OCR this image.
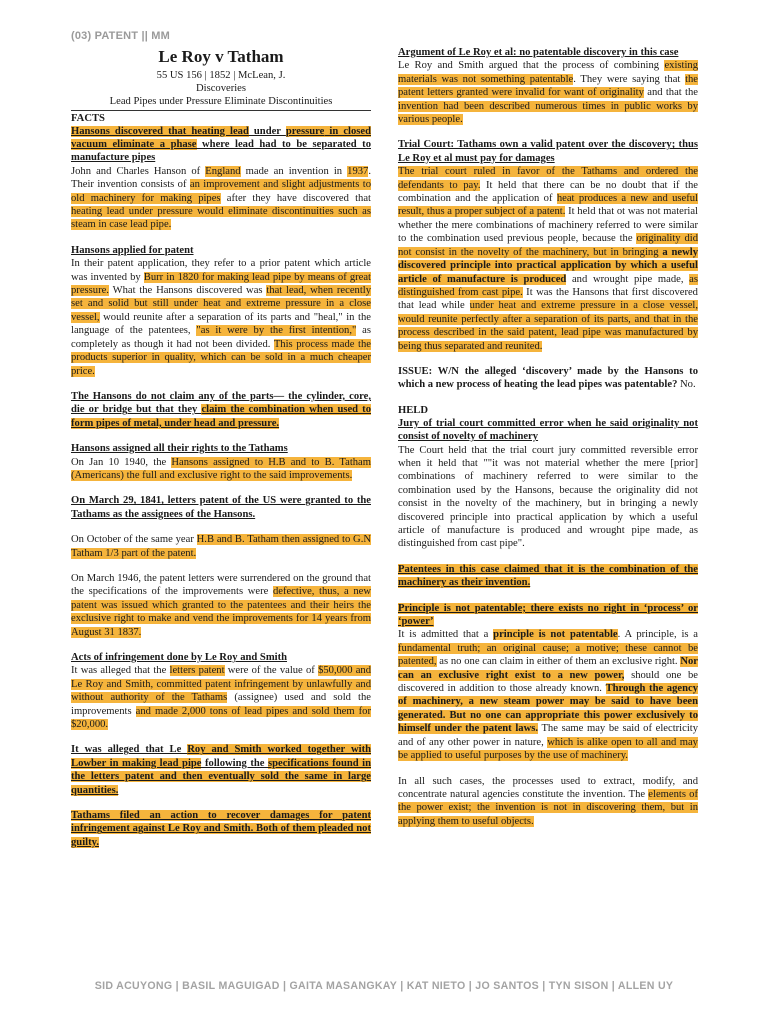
(03) PATENT || MM
Le Roy v Tatham
55 US 156 | 1852 | McLean, J.
Discoveries
Lead Pipes under Pressure Eliminate Discontinuities
FACTS
Hansons discovered that heating lead under pressure in closed vacuum eliminate a phase where lead had to be separated to manufacture pipes
John and Charles Hanson of England made an invention in 1937. Their invention consists of an improvement and slight adjustments to old machinery for making pipes after they have discovered that heating lead under pressure would eliminate discontinuities such as steam in case lead pipe.
Hansons applied for patent
In their patent application, they refer to a prior patent which article was invented by Burr in 1820 for making lead pipe by means of great pressure. What the Hansons discovered was that lead, when recently set and solid but still under heat and extreme pressure in a close vessel, would reunite after a separation of its parts and "heal," in the language of the patentees, "as it were by the first intention," as completely as though it had not been divided. This process made the products superior in quality, which can be sold in a much cheaper price.
The Hansons do not claim any of the parts— the cylinder, core, die or bridge but that they claim the combination when used to form pipes of metal, under head and pressure.
Hansons assigned all their rights to the Tathams
On Jan 10 1940, the Hansons assigned to H.B and to B. Tatham (Americans) the full and exclusive right to the said improvements.
On March 29, 1841, letters patent of the US were granted to the Tathams as the assignees of the Hansons.
On October of the same year H.B and B. Tatham then assigned to G.N Tatham 1/3 part of the patent.
On March 1946, the patent letters were surrendered on the ground that the specifications of the improvements were defective, thus, a new patent was issued which granted to the patentees and their heirs the exclusive right to make and vend the improvements for 14 years from August 31 1837.
Acts of infringement done by Le Roy and Smith
It was alleged that the letters patent were of the value of $50,000 and Le Roy and Smith, committed patent infringement by unlawfully and without authority of the Tathams (assignee) used and sold the improvements and made 2,000 tons of lead pipes and sold them for $20,000.
It was alleged that Le Roy and Smith worked together with Lowber in making lead pipe following the specifications found in the letters patent and then eventually sold the same in large quantities.
Tathams filed an action to recover damages for patent infringement against Le Roy and Smith. Both of them pleaded not guilty.
Argument of Le Roy et al: no patentable discovery in this case
Le Roy and Smith argued that the process of combining existing materials was not something patentable. They were saying that the patent letters granted were invalid for want of originality and that the invention had been described numerous times in public works by various people.
Trial Court: Tathams own a valid patent over the discovery; thus Le Roy et al must pay for damages
The trial court ruled in favor of the Tathams and ordered the defendants to pay. It held that there can be no doubt that if the combination and the application of heat produces a new and useful result, thus a proper subject of a patent. It held that ot was not material whether the mere combinations of machinery referred to were similar to the combination used previous people, because the originality did not consist in the novelty of the machinery, but in bringing a newly discovered principle into practical application by which a useful article of manufacture is produced and wrought pipe made, as distinguished from cast pipe. It was the Hansons that first discovered that lead while under heat and extreme pressure in a close vessel, would reunite perfectly after a separation of its parts, and that in the process described in the said patent, lead pipe was manufactured by being thus separated and reunited.
ISSUE: W/N the alleged ‘discovery’ made by the Hansons to which a new process of heating the lead pipes was patentable? No.
HELD
Jury of trial court committed error when he said originality not consist of novelty of machinery
The Court held that the trial court jury committed reversible error when it held that ""it was not material whether the mere [prior] combinations of machinery referred to were similar to the combination used by the Hansons, because the originality did not consist in the novelty of the machinery, but in bringing a newly discovered principle into practical application by which a useful article of manufacture is produced and wrought pipe made, as distinguished from cast pipe".
Patentees in this case claimed that it is the combination of the machinery as their invention.
Principle is not patentable; there exists no right in ‘process’ or ‘power’
It is admitted that a principle is not patentable. A principle, is a fundamental truth; an original cause; a motive; these cannot be patented, as no one can claim in either of them an exclusive right. Nor can an exclusive right exist to a new power, should one be discovered in addition to those already known. Through the agency of machinery, a new steam power may be said to have been generated. But no one can appropriate this power exclusively to himself under the patent laws. The same may be said of electricity and of any other power in nature, which is alike open to all and may be applied to useful purposes by the use of machinery.
In all such cases, the processes used to extract, modify, and concentrate natural agencies constitute the invention. The elements of the power exist; the invention is not in discovering them, but in applying them to useful objects.
SID ACUYONG | BASIL MAGUIGAD | GAITA MASANGKAY | KAT NIETO | JO SANTOS | TYN SISON | ALLEN UY
